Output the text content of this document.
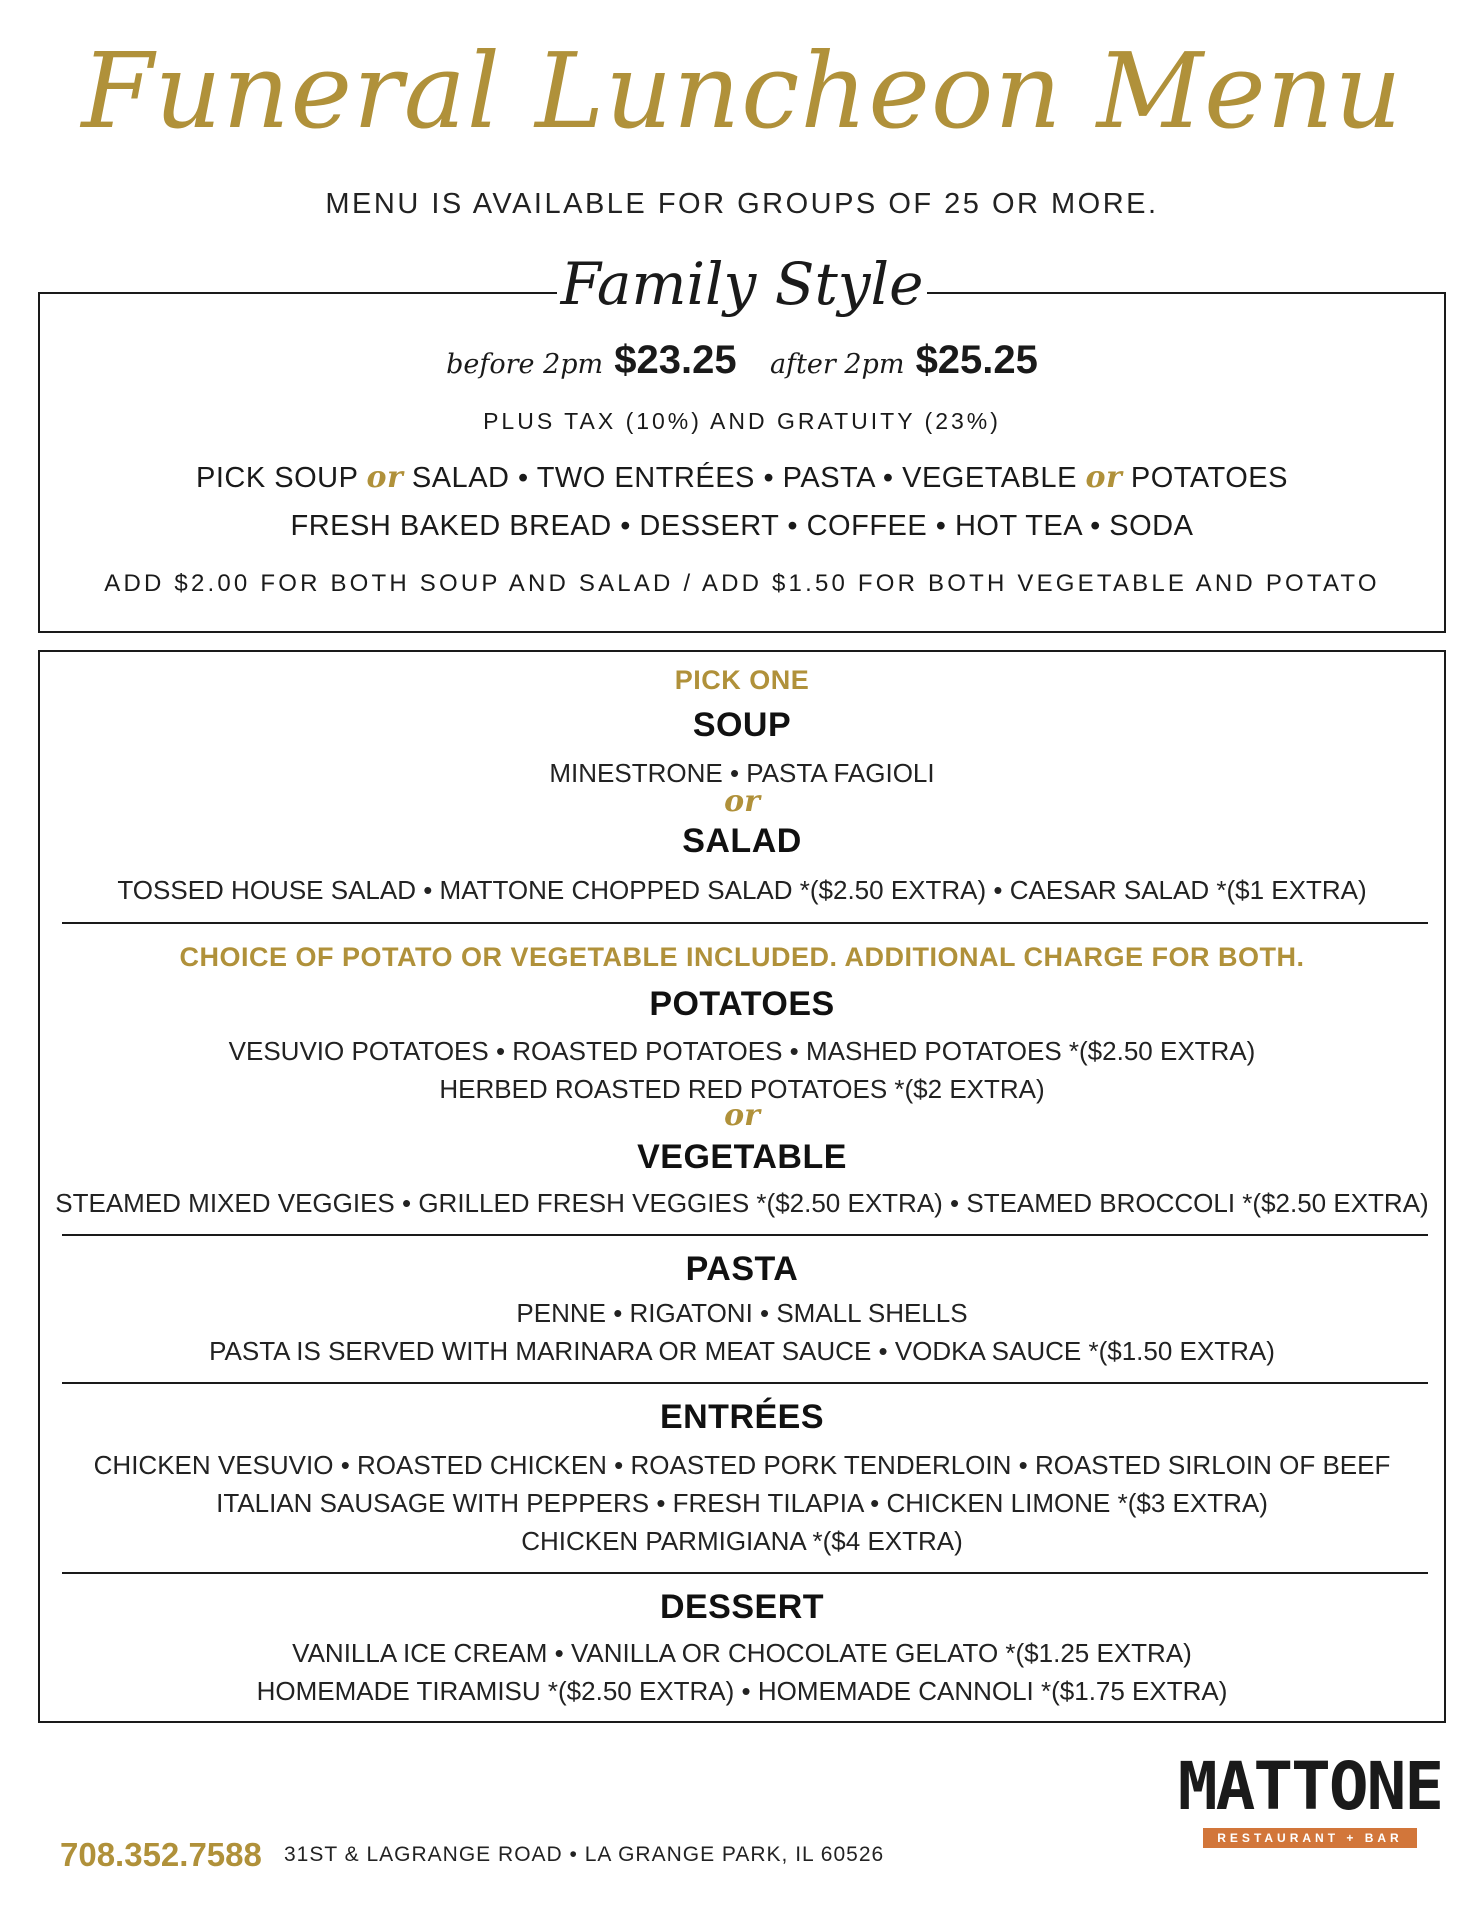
Funeral Luncheon Menu
MENU IS AVAILABLE FOR GROUPS OF 25 OR MORE.
Family Style
before 2pm $23.25 after 2pm $25.25
PLUS TAX (10%) AND GRATUITY (23%)
PICK SOUP or SALAD • TWO ENTRÉES • PASTA • VEGETABLE or POTATOES
FRESH BAKED BREAD • DESSERT • COFFEE • HOT TEA • SODA
ADD $2.00 FOR BOTH SOUP AND SALAD / ADD $1.50 FOR BOTH VEGETABLE AND POTATO
PICK ONE
SOUP
MINESTRONE • PASTA FAGIOLI
or
SALAD
TOSSED HOUSE SALAD • MATTONE CHOPPED SALAD *($2.50 EXTRA) • CAESAR SALAD *($1 EXTRA)
CHOICE OF POTATO OR VEGETABLE INCLUDED. ADDITIONAL CHARGE FOR BOTH.
POTATOES
VESUVIO POTATOES • ROASTED POTATOES • MASHED POTATOES *($2.50 EXTRA)
HERBED ROASTED RED POTATOES *($2 EXTRA)
or
VEGETABLE
STEAMED MIXED VEGGIES • GRILLED FRESH VEGGIES *($2.50 EXTRA) • STEAMED BROCCOLI *($2.50 EXTRA)
PASTA
PENNE • RIGATONI • SMALL SHELLS
PASTA IS SERVED WITH MARINARA OR MEAT SAUCE • VODKA SAUCE *($1.50 EXTRA)
ENTRÉES
CHICKEN VESUVIO • ROASTED CHICKEN • ROASTED PORK TENDERLOIN • ROASTED SIRLOIN OF BEEF
ITALIAN SAUSAGE WITH PEPPERS • FRESH TILAPIA • CHICKEN LIMONE *($3 EXTRA)
CHICKEN PARMIGIANA *($4 EXTRA)
DESSERT
VANILLA ICE CREAM • VANILLA OR CHOCOLATE GELATO *($1.25 EXTRA)
HOMEMADE TIRAMISU *($2.50 EXTRA) • HOMEMADE CANNOLI *($1.75 EXTRA)
708.352.7588 31ST & LAGRANGE ROAD • LA GRANGE PARK, IL 60526
MATTONE
RESTAURANT + BAR
